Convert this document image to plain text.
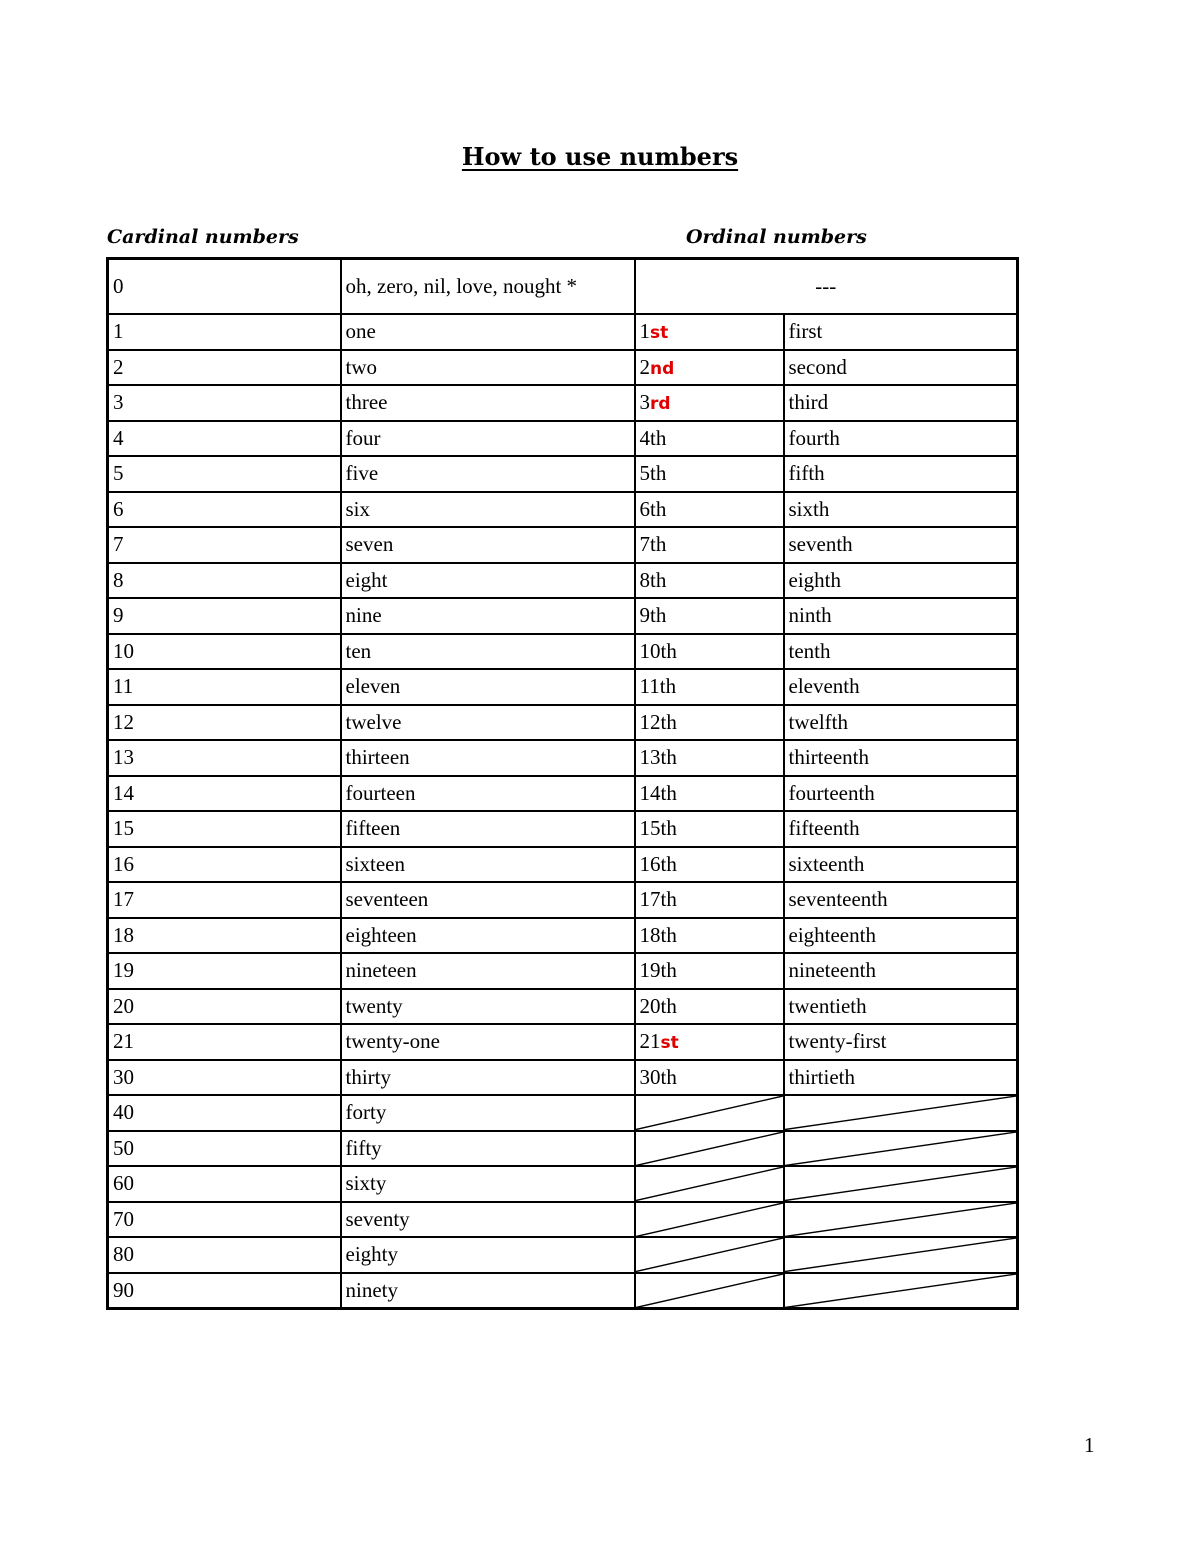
How to use numbers
Cardinal numbers	Ordinal numbers
0	oh, zero, nil, love, nought *	---	
1	one	1st	first
2	two	2nd	second
3	three	3rd	third
4	four	4th	fourth
5	five	5th	fifth
6	six	6th	sixth
7	seven	7th	seventh
8	eight	8th	eighth
9	nine	9th	ninth
10	ten	10th	tenth
11	eleven	11th	eleventh
12	twelve	12th	twelfth
13	thirteen	13th	thirteenth
14	fourteen	14th	fourteenth
15	fifteen	15th	fifteenth
16	sixteen	16th	sixteenth
17	seventeen	17th	seventeenth
18	eighteen	18th	eighteenth
19	nineteen	19th	nineteenth
20	twenty	20th	twentieth
21	twenty-one	21st	twenty-first
30	thirty	30th	thirtieth
40	forty	

50	fifty	

60	sixty	

70	seventy	

80	eighty	

90	ninety	

1
